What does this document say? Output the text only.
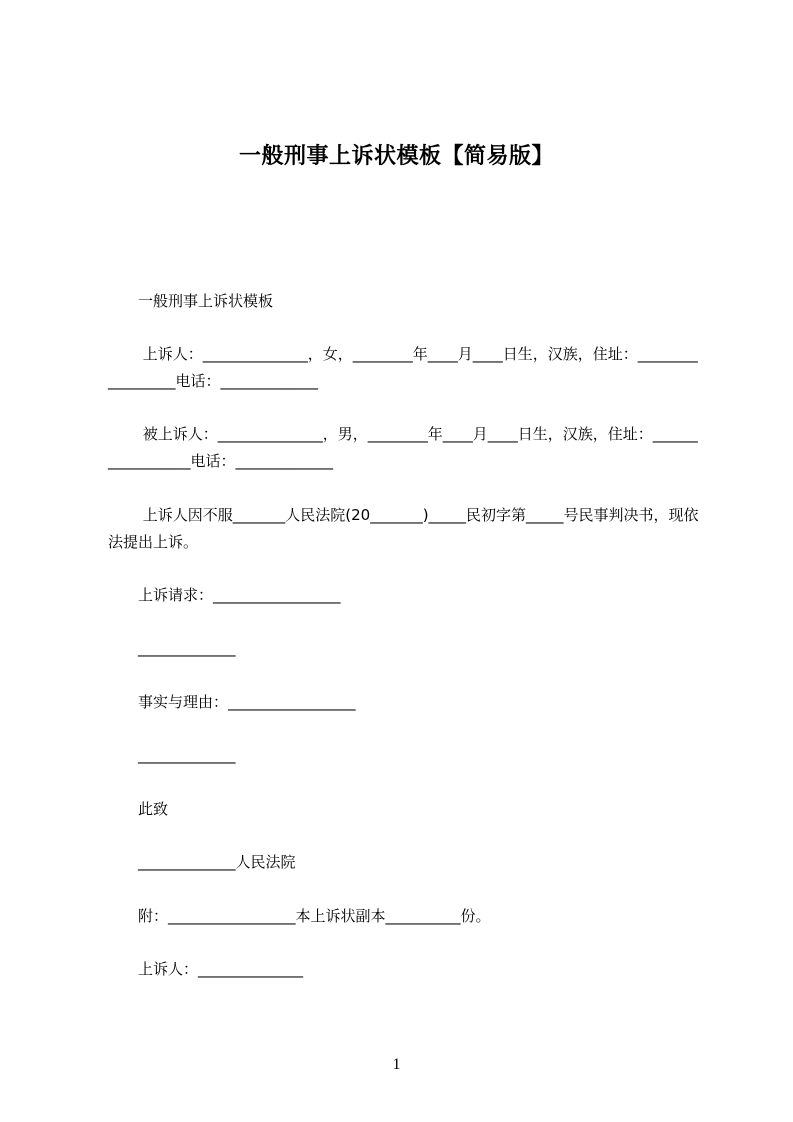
一般刑事上诉状模板【简易版】
　　一般刑事上诉状模板
　　 上诉人：______________，女，________年____月____日生，汉族，住址：_________________电话：_____________
　　 被上诉人：______________，男，________年____月____日生，汉族，住址：_________________电话：_____________
　　 上诉人因不服_______人民法院(20_______)_____民初字第_____号民事判决书，现依法提出上诉。
　　上诉请求：_________________
　　_____________
　　事实与理由：_________________
　　_____________
　　此致
　　_____________人民法院
　　附：_________________本上诉状副本__________份。
　　上诉人：______________
1
